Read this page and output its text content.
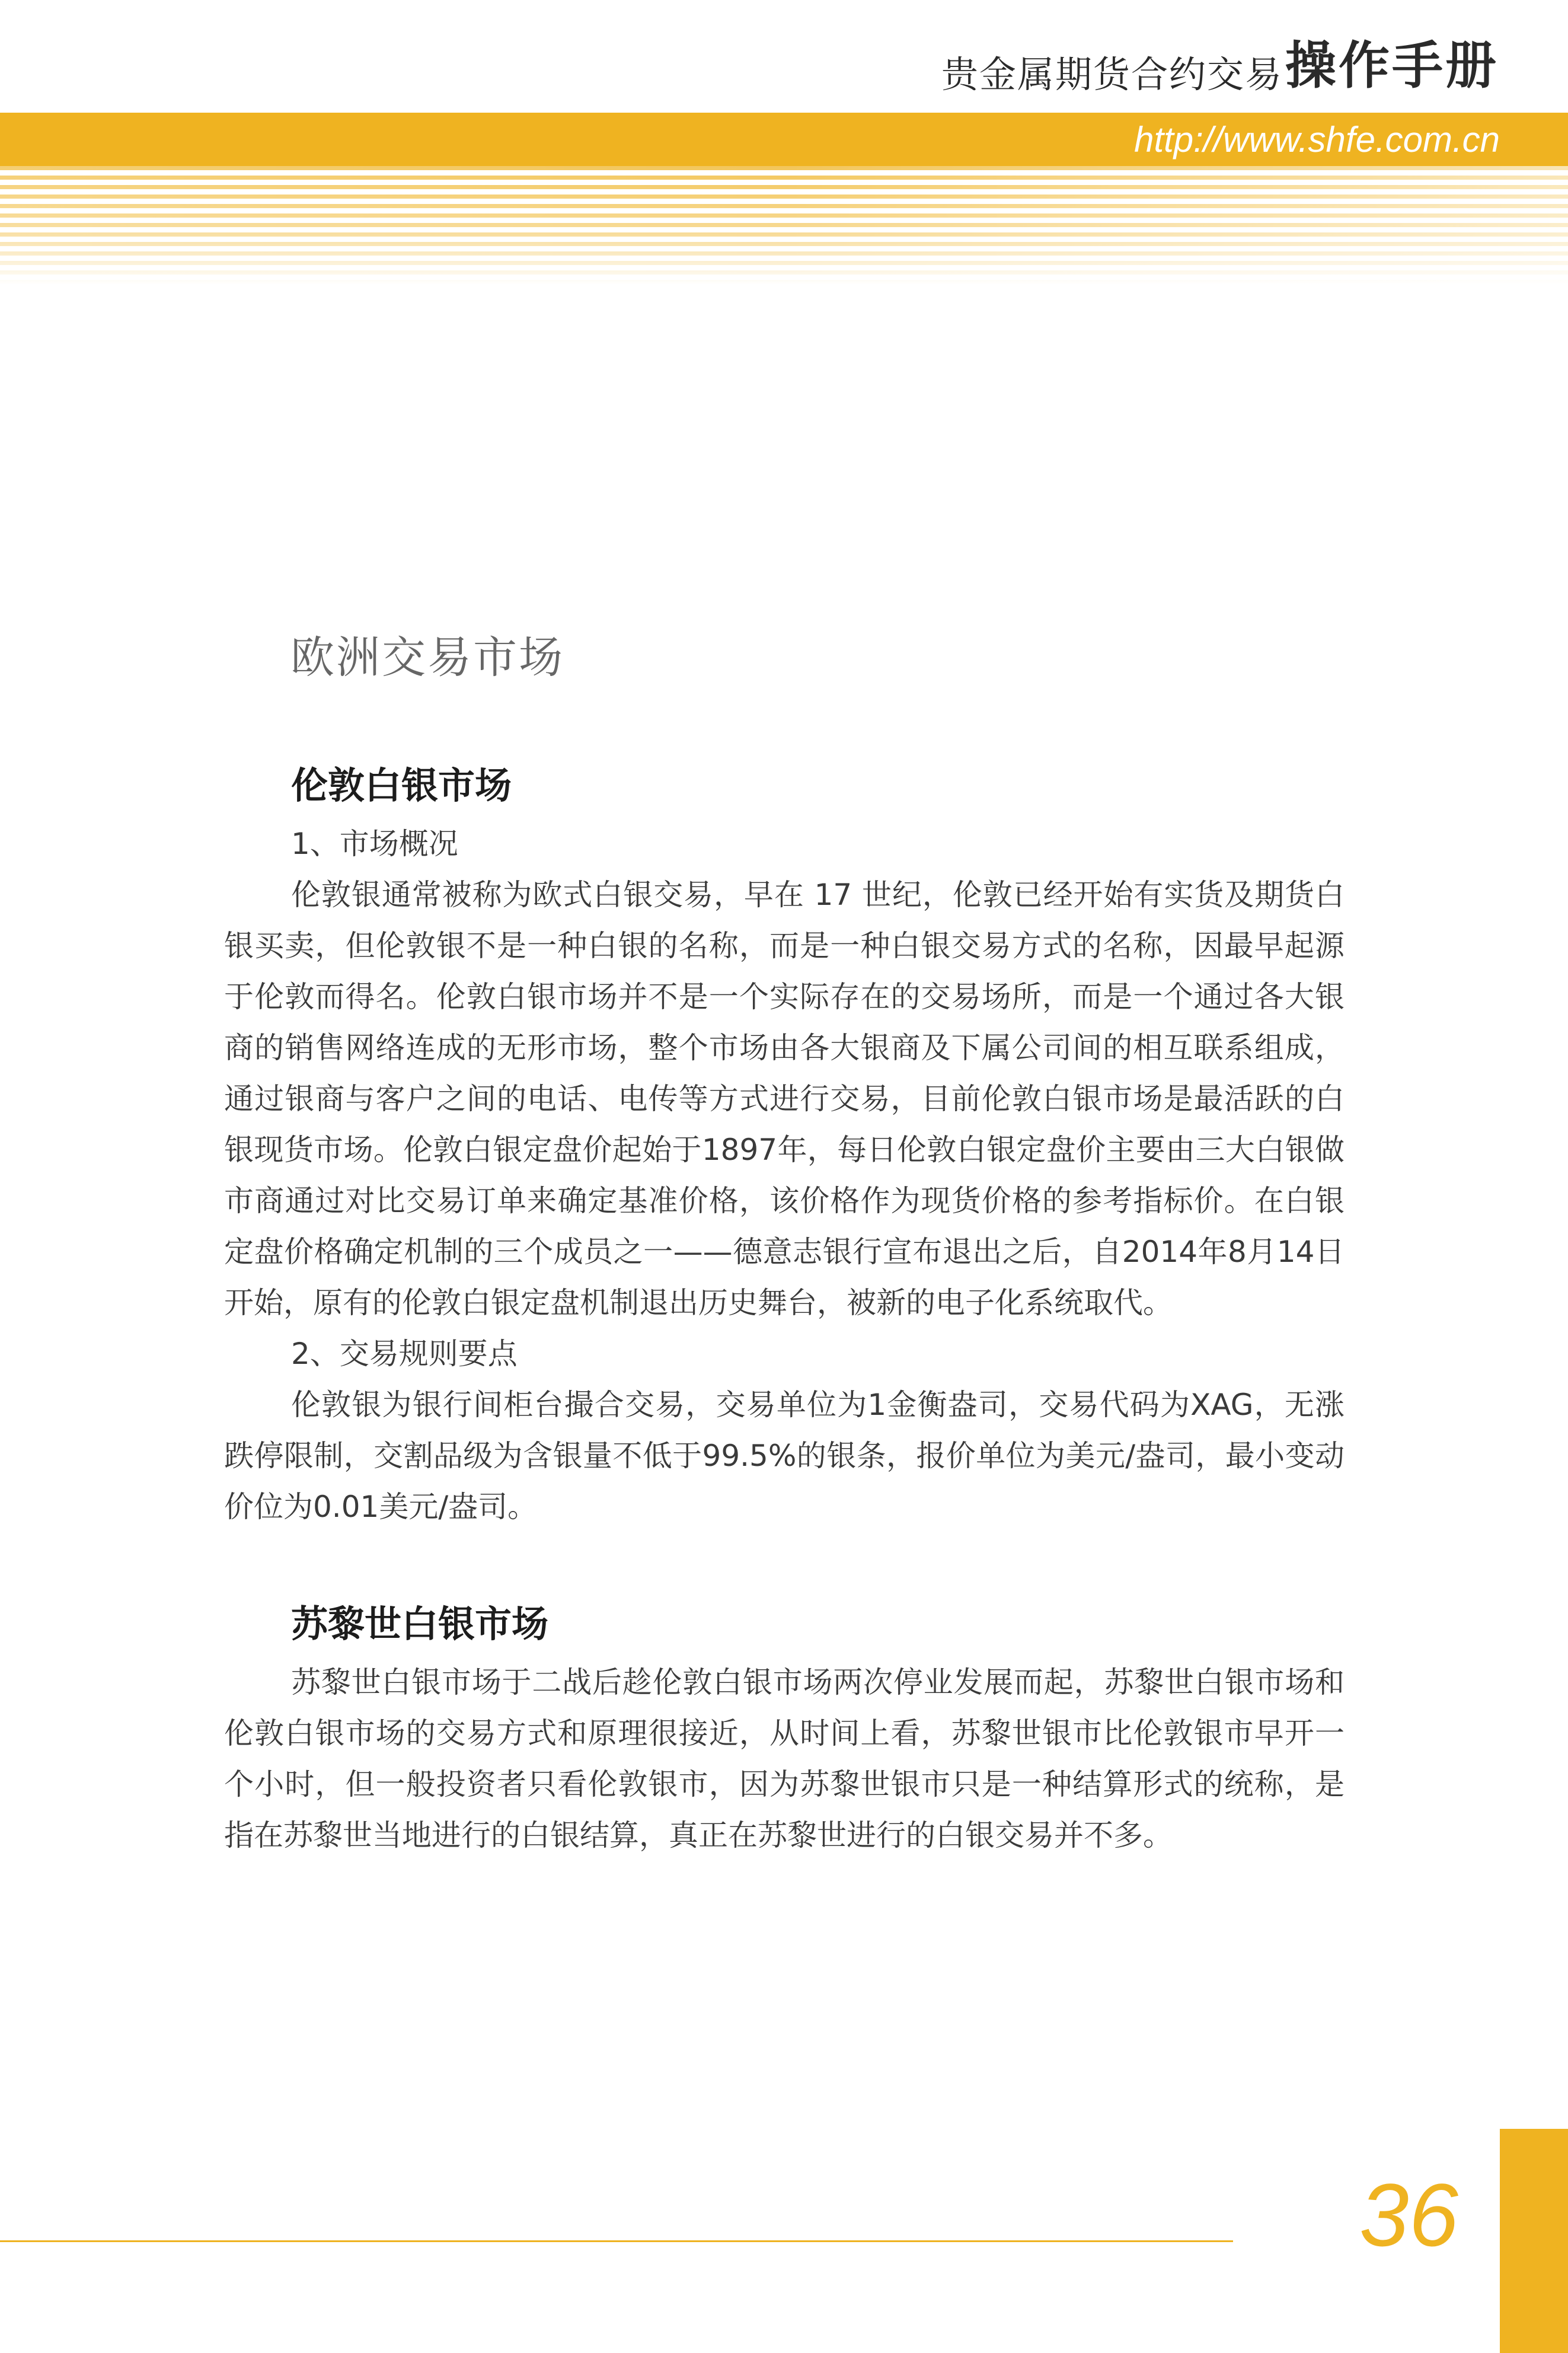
贵金属期货合约交易 操作手册
http://www.shfe.com.cn
欧洲交易市场
伦敦白银市场

1、市场概况

伦敦银通常被称为欧式白银交易，早在 17 世纪，伦敦已经开始有实货及期货白银买卖，但伦敦银不是一种白银的名称，而是一种白银交易方式的名称，因最早起源于伦敦而得名。伦敦白银市场并不是一个实际存在的交易场所，而是一个通过各大银商的销售网络连成的无形市场，整个市场由各大银商及下属公司间的相互联系组成，通过银商与客户之间的电话、电传等方式进行交易，目前伦敦白银市场是最活跃的白银现货市场。伦敦白银定盘价起始于1897年，每日伦敦白银定盘价主要由三大白银做市商通过对比交易订单来确定基准价格，该价格作为现货价格的参考指标价。在白银定盘价格确定机制的三个成员之一——德意志银行宣布退出之后，自2014年8月14日开始，原有的伦敦白银定盘机制退出历史舞台，被新的电子化系统取代。

2、交易规则要点

伦敦银为银行间柜台撮合交易，交易单位为1金衡盎司，交易代码为XAG，无涨跌停限制，交割品级为含银量不低于99.5%的银条，报价单位为美元/盎司，最小变动价位为0.01美元/盎司。

苏黎世白银市场

苏黎世白银市场于二战后趁伦敦白银市场两次停业发展而起，苏黎世白银市场和伦敦白银市场的交易方式和原理很接近，从时间上看，苏黎世银市比伦敦银市早开一个小时，但一般投资者只看伦敦银市，因为苏黎世银市只是一种结算形式的统称，是指在苏黎世当地进行的白银结算，真正在苏黎世进行的白银交易并不多。

36
